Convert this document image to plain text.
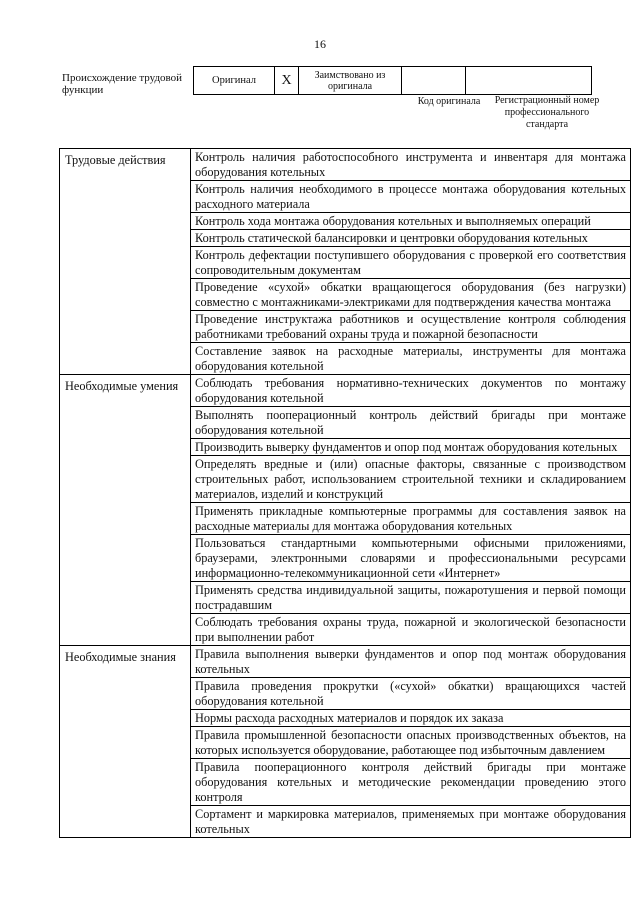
16
Происхождение трудовой функции
Оригинал	X	Заимствовано из оригинала		
Код оригинала	Регистрационный номер профессионального стандарта
Трудовые действия	Контроль наличия работоспособного инструмента и инвентаря для монтажа оборудования котельных
	Контроль наличия необходимого в процессе монтажа оборудования котельных расходного материала
	Контроль хода монтажа оборудования котельных и выполняемых операций
	Контроль статической балансировки и центровки оборудования котельных
	Контроль дефектации поступившего оборудования с проверкой его соответствия сопроводительным документам
	Проведение «сухой» обкатки вращающегося оборудования (без нагрузки) совместно с монтажниками-электриками для подтверждения качества монтажа
	Проведение инструктажа работников и осуществление контроля соблюдения работниками требований охраны труда и пожарной безопасности
	Составление заявок на расходные материалы, инструменты для монтажа оборудования котельной
Необходимые умения	Соблюдать требования нормативно-технических документов по монтажу оборудования котельной
	Выполнять пооперационный контроль действий бригады при монтаже оборудования котельной
	Производить выверку фундаментов и опор под монтаж оборудования котельных
	Определять вредные и (или) опасные факторы, связанные с производством строительных работ, использованием строительной техники и складированием материалов, изделий и конструкций
	Применять прикладные компьютерные программы для составления заявок на расходные материалы для монтажа оборудования котельных
	Пользоваться стандартными компьютерными офисными приложениями, браузерами, электронными словарями и профессиональными ресурсами информационно-телекоммуникационной сети «Интернет»
	Применять средства индивидуальной защиты, пожаротушения и первой помощи пострадавшим
	Соблюдать требования охраны труда, пожарной и экологической безопасности при выполнении работ
Необходимые знания	Правила выполнения выверки фундаментов и опор под монтаж оборудования котельных
	Правила проведения прокрутки («сухой» обкатки) вращающихся частей оборудования котельной
	Нормы расхода расходных материалов и порядок их заказа
	Правила промышленной безопасности опасных производственных объектов, на которых используется оборудование, работающее под избыточным давлением
	Правила пооперационного контроля действий бригады при монтаже оборудования котельных и методические рекомендации проведению этого контроля
	Сортамент и маркировка материалов, применяемых при монтаже оборудования котельных
